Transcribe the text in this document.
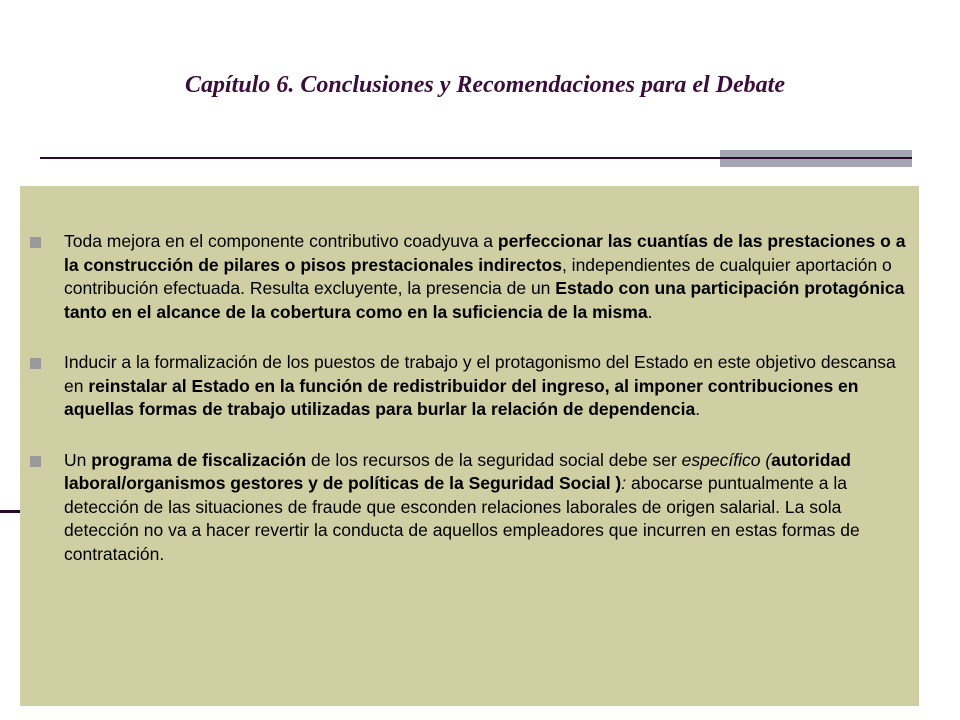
Capítulo 6. Conclusiones y Recomendaciones para el Debate
Toda mejora en el componente contributivo coadyuva a perfeccionar las cuantías de las prestaciones o a la construcción de pilares o pisos prestacionales indirectos, independientes de cualquier aportación o contribución efectuada. Resulta excluyente, la presencia de un Estado con una participación protagónica tanto en el alcance de la cobertura como en la suficiencia de la misma.
Inducir a la formalización de los puestos de trabajo y el protagonismo del Estado en este objetivo descansa en reinstalar al Estado en la función de redistribuidor del ingreso, al imponer contribuciones en aquellas formas de trabajo utilizadas para burlar la relación de dependencia.
Un programa de fiscalización de los recursos de la seguridad social debe ser específico (autoridad laboral/organismos gestores y de políticas de la Seguridad Social ): abocarse puntualmente a la detección de las situaciones de fraude que esconden relaciones laborales de origen salarial. La sola detección no va a hacer revertir la conducta de aquellos empleadores que incurren en estas formas de contratación.
